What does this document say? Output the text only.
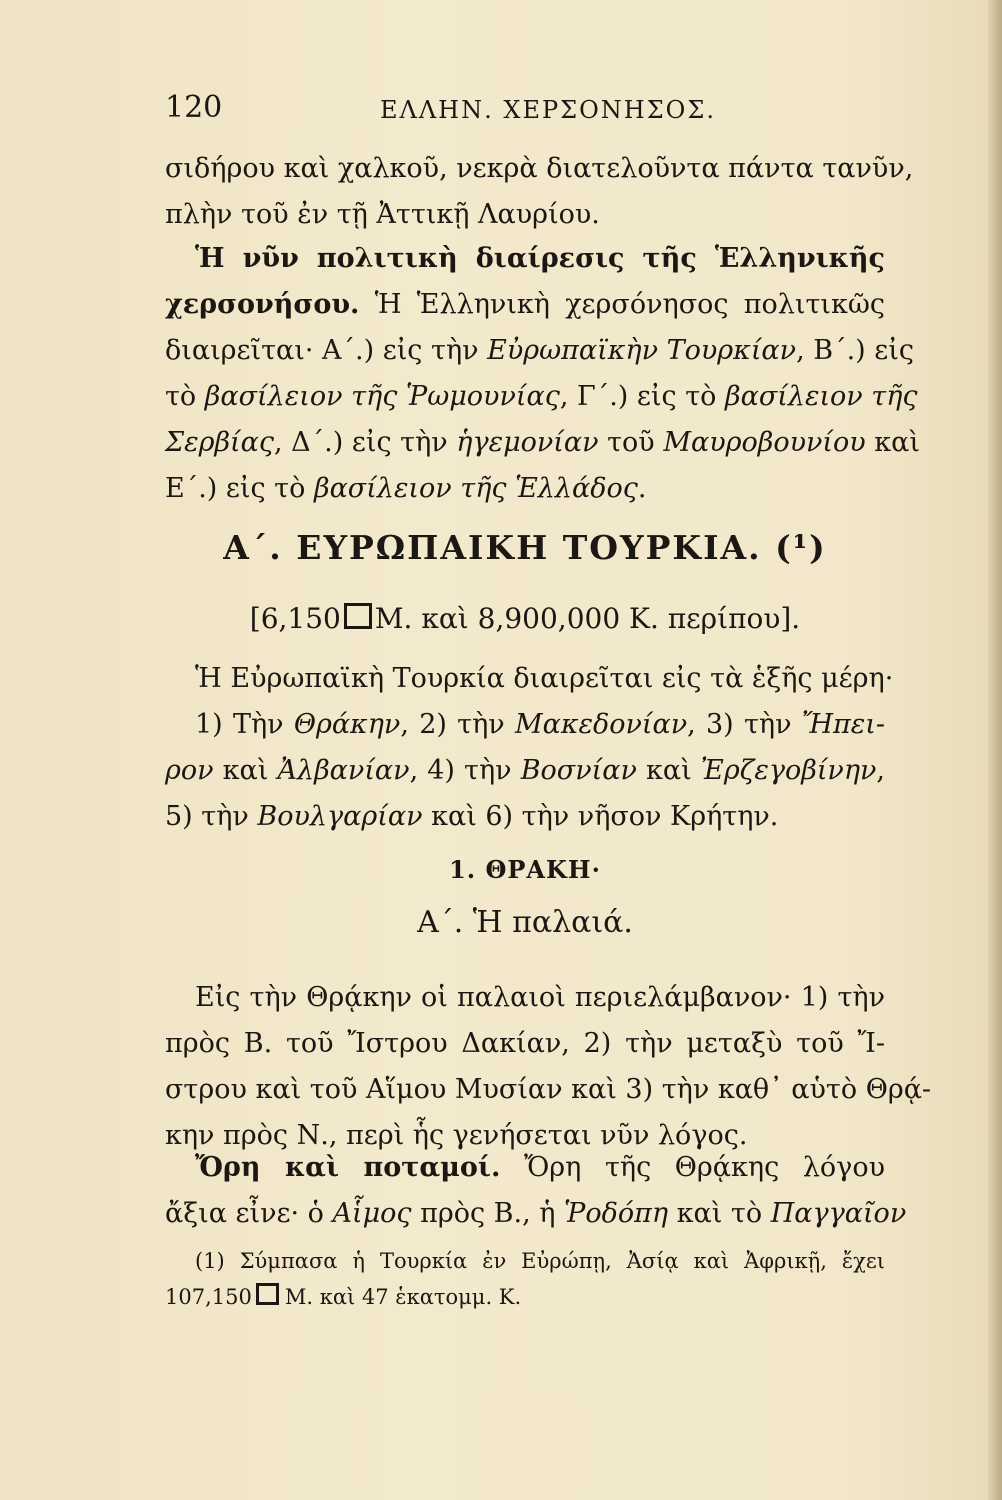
120	ΕΛΛΗΝ. ΧΕΡΣΟΝΗΣΟΣ.
σιδήρου καὶ χαλκοῦ, νεκρὰ διατελοῦντα πάντα τανῦν,
πλὴν τοῦ ἐν τῇ Ἀττικῇ Λαυρίου.
Ἡ νῦν πολιτικὴ διαίρεσις τῆς Ἑλληνικῆς
χερσονήσου. Ἡ Ἑλληνικὴ χερσόνησος πολιτικῶς
διαιρεῖται· Α΄.) εἰς τὴν Εὐρωπαϊκὴν Τουρκίαν, Β΄.) εἰς
τὸ βασίλειον τῆς Ῥωμουνίας, Γ΄.) εἰς τὸ βασίλειον τῆς
Σερβίας, Δ΄.) εἰς τὴν ἡγεμονίαν τοῦ Μαυροβουνίου καὶ
Ε΄.) εἰς τὸ βασίλειον τῆς Ἑλλάδος.
Α΄. ΕΥΡΩΠΑΙΚΗ ΤΟΥΡΚΙΑ. (¹)
[6,150 Μ. καὶ 8,900,000 Κ. περίπου].
Ἡ Εὐρωπαϊκὴ Τουρκία διαιρεῖται εἰς τὰ ἑξῆς μέρη·
1) Τὴν Θράκην, 2) τὴν Μακεδονίαν, 3) τὴν Ἤπει-
ρον καὶ Ἀλβανίαν, 4) τὴν Βοσνίαν καὶ Ἐρζεγοβίνην,
5) τὴν Βουλγαρίαν καὶ 6) τὴν νῆσον Κρήτην.
1. ΘΡΑΚΗ·
Α΄. Ἡ παλαιά.
Εἰς τὴν Θρᾴκην οἱ παλαιοὶ περιελάμβανον· 1) τὴν
πρὸς Β. τοῦ Ἴστρου Δακίαν, 2) τὴν μεταξὺ τοῦ Ἴ-
στρου καὶ τοῦ Αἵμου Μυσίαν καὶ 3) τὴν καθ᾽ αὑτὸ Θρᾴ-
κην πρὸς Ν., περὶ ἧς γενήσεται νῦν λόγος.
Ὄρη καὶ ποταμοί. Ὄρη τῆς Θρᾴκης λόγου
ἄξια εἶνε· ὁ Αἷμος πρὸς Β., ἡ Ῥοδόπη καὶ τὸ Παγγαῖον
(1) Σύμπασα ἡ Τουρκία ἐν Εὐρώπῃ, Ἀσίᾳ καὶ Ἀφρικῇ, ἔχει
107,150 Μ. καὶ 47 ἑκατομμ. Κ.
